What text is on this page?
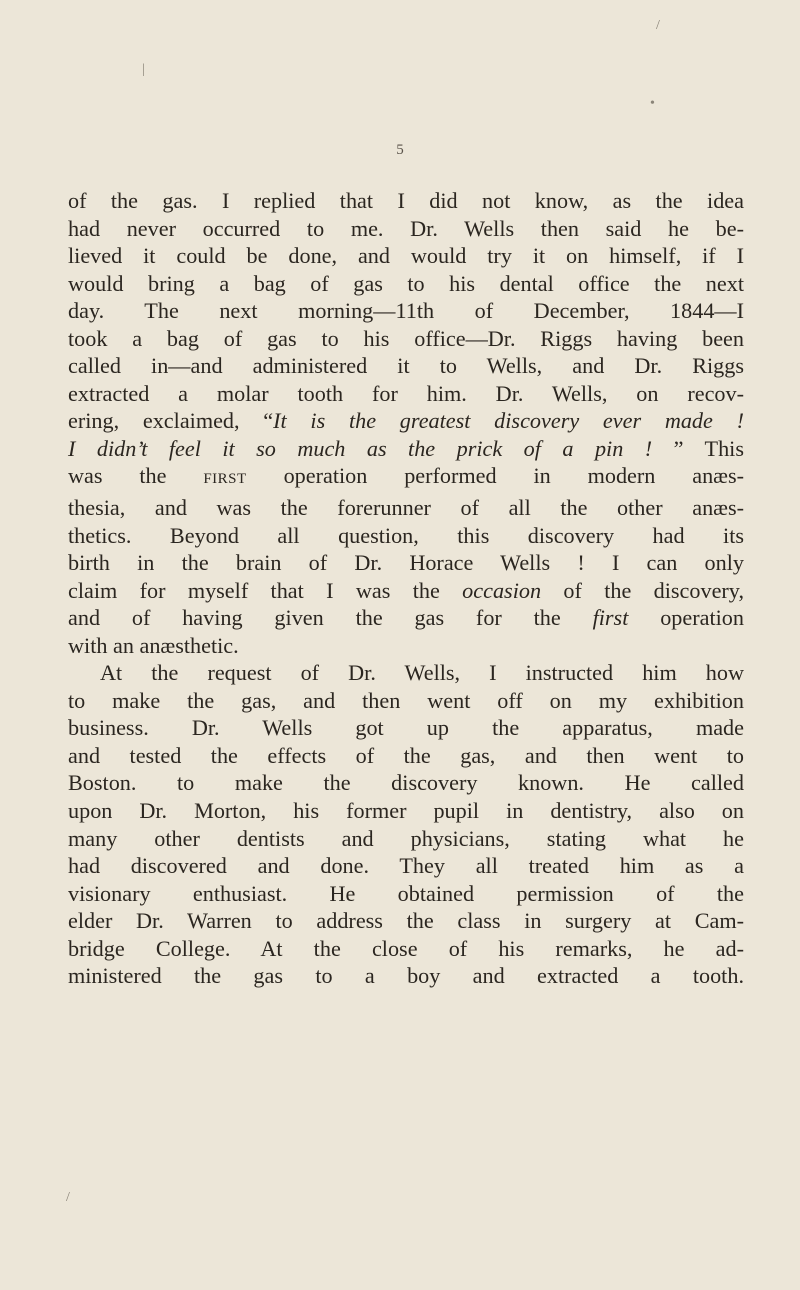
/
|
•
/
5
of the gas. I replied that I did not know, as the idea
had never occurred to me. Dr. Wells then said he be-
lieved it could be done, and would try it on himself, if I
would bring a bag of gas to his dental office the next
day. The next morning—11th of December, 1844—I
took a bag of gas to his office—Dr. Riggs having been
called in—and administered it to Wells, and Dr. Riggs
extracted a molar tooth for him. Dr. Wells, on recov-
ering, exclaimed, “It is the greatest discovery ever made !
I didn’t feel it so much as the prick of a pin ! ” This
was the FIRST operation performed in modern anæs-
thesia, and was the forerunner of all the other anæs-
thetics. Beyond all question, this discovery had its
birth in the brain of Dr. Horace Wells ! I can only
claim for myself that I was the occasion of the discovery,
and of having given the gas for the first operation
with an anæsthetic.
At the request of Dr. Wells, I instructed him how
to make the gas, and then went off on my exhibition
business. Dr. Wells got up the apparatus, made
and tested the effects of the gas, and then went to
Boston. to make the discovery known. He called
upon Dr. Morton, his former pupil in dentistry, also on
many other dentists and physicians, stating what he
had discovered and done. They all treated him as a
visionary enthusiast. He obtained permission of the
elder Dr. Warren to address the class in surgery at Cam-
bridge College. At the close of his remarks, he ad-
ministered the gas to a boy and extracted a tooth.
